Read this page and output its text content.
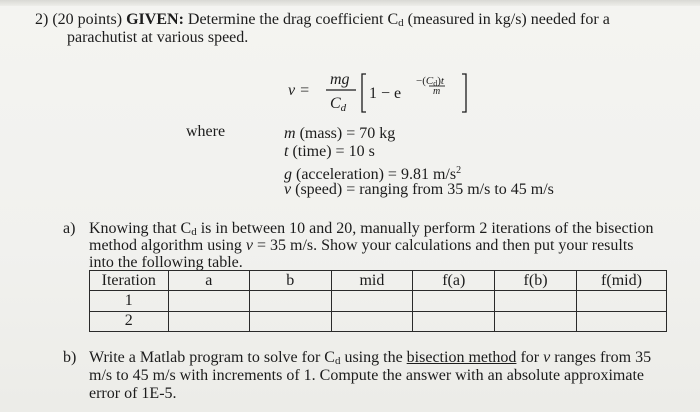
2) (20 points) GIVEN: Determine the drag coefficient $C_d$ (measured in kg/s) needed for a
parachutist at various speed.
v =
mg
Cd
1 − e
−(Cd)t
m
where	m (mass) = 70 kg
t (time) = 10 s
g (acceleration) = 9.81 $m/s^2$
v (speed) = ranging from 35 m/s to 45 m/s
a) Knowing that $C_d$ is in between 10 and 20, manually perform 2 iterations of the bisection
method algorithm using v = 35 m/s. Show your calculations and then put your results
into the following table.
Iteration	a	b	mid	f(a)	f(b)	f(mid)
1						
2						
b) Write a Matlab program to solve for $C_d$ using the bisection method for v ranges from 35
m/s to 45 m/s with increments of 1. Compute the answer with an absolute approximate
error of 1E-5.
